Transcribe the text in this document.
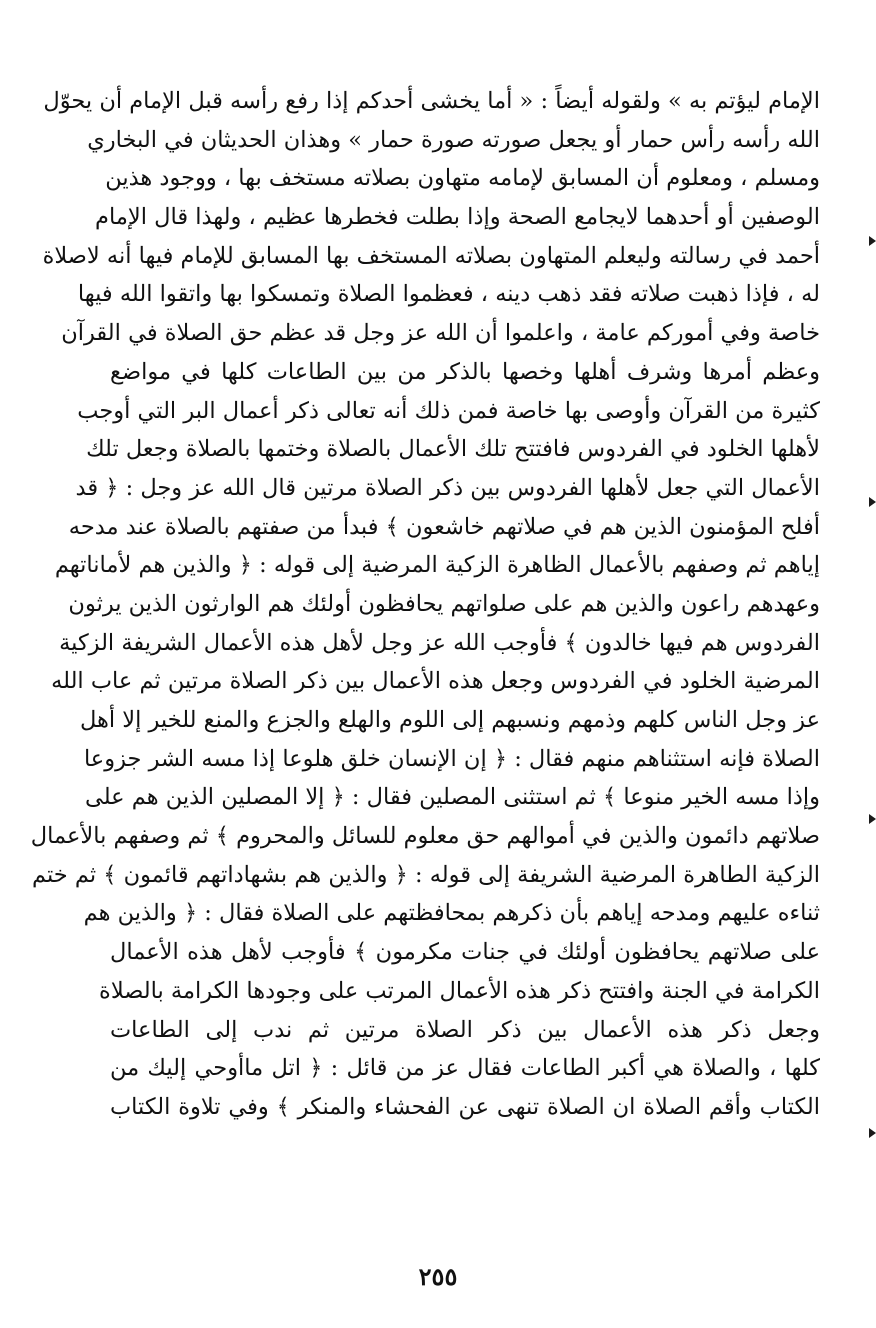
الإمام ليؤتم به » ولقوله أيضاً : « أما يخشى أحدكم إذا رفع رأسه قبل الإمام أن يحوّل
الله رأسه رأس حمار أو يجعل صورته صورة حمار » وهذان الحديثان في البخاري
ومسلم ، ومعلوم أن المسابق لإمامه متهاون بصلاته مستخف بها ، ووجود هذين
الوصفين أو أحدهما لايجامع الصحة وإذا بطلت فخطرها عظيم ، ولهذا قال الإمام
أحمد في رسالته وليعلم المتهاون بصلاته المستخف بها المسابق للإمام فيها أنه لاصلاة
له ، فإذا ذهبت صلاته فقد ذهب دينه ، فعظموا الصلاة وتمسكوا بها واتقوا الله فيها
خاصة وفي أموركم عامة ، واعلموا أن الله عز وجل قد عظم حق الصلاة في القرآن
وعظم أمرها وشرف أهلها وخصها بالذكر من بين الطاعات كلها في مواضع
كثيرة من القرآن وأوصى بها خاصة فمن ذلك أنه تعالى ذكر أعمال البر التي أوجب
لأهلها الخلود في الفردوس فافتتح تلك الأعمال بالصلاة وختمها بالصلاة وجعل تلك
الأعمال التي جعل لأهلها الفردوس بين ذكر الصلاة مرتين قال الله عز وجل : ﴿ قد
أفلح المؤمنون الذين هم في صلاتهم خاشعون ﴾ فبدأ من صفتهم بالصلاة عند مدحه
إياهم ثم وصفهم بالأعمال الظاهرة الزكية المرضية إلى قوله : ﴿ والذين هم لأماناتهم
وعهدهم راعون والذين هم على صلواتهم يحافظون أولئك هم الوارثون الذين يرثون
الفردوس هم فيها خالدون ﴾ فأوجب الله عز وجل لأهل هذه الأعمال الشريفة الزكية
المرضية الخلود في الفردوس وجعل هذه الأعمال بين ذكر الصلاة مرتين ثم عاب الله
عز وجل الناس كلهم وذمهم ونسبهم إلى اللوم والهلع والجزع والمنع للخير إلا أهل
الصلاة فإنه استثناهم منهم فقال : ﴿ إن الإنسان خلق هلوعا إذا مسه الشر جزوعا
وإذا مسه الخير منوعا ﴾ ثم استثنى المصلين فقال : ﴿ إلا المصلين الذين هم على
صلاتهم دائمون والذين في أموالهم حق معلوم للسائل والمحروم ﴾ ثم وصفهم بالأعمال
الزكية الطاهرة المرضية الشريفة إلى قوله : ﴿ والذين هم بشهاداتهم قائمون ﴾ ثم ختم
ثناءه عليهم ومدحه إياهم بأن ذكرهم بمحافظتهم على الصلاة فقال : ﴿ والذين هم
على صلاتهم يحافظون أولئك في جنات مكرمون ﴾ فأوجب لأهل هذه الأعمال
الكرامة في الجنة وافتتح ذكر هذه الأعمال المرتب على وجودها الكرامة بالصلاة
وجعل ذكر هذه الأعمال بين ذكر الصلاة مرتين ثم ندب إلى الطاعات
كلها ، والصلاة هي أكبر الطاعات فقال عز من قائل : ﴿ اتل ماأوحي إليك من
الكتاب وأقم الصلاة ان الصلاة تنهى عن الفحشاء والمنكر ﴾ وفي تلاوة الكتاب
٢٥٥
